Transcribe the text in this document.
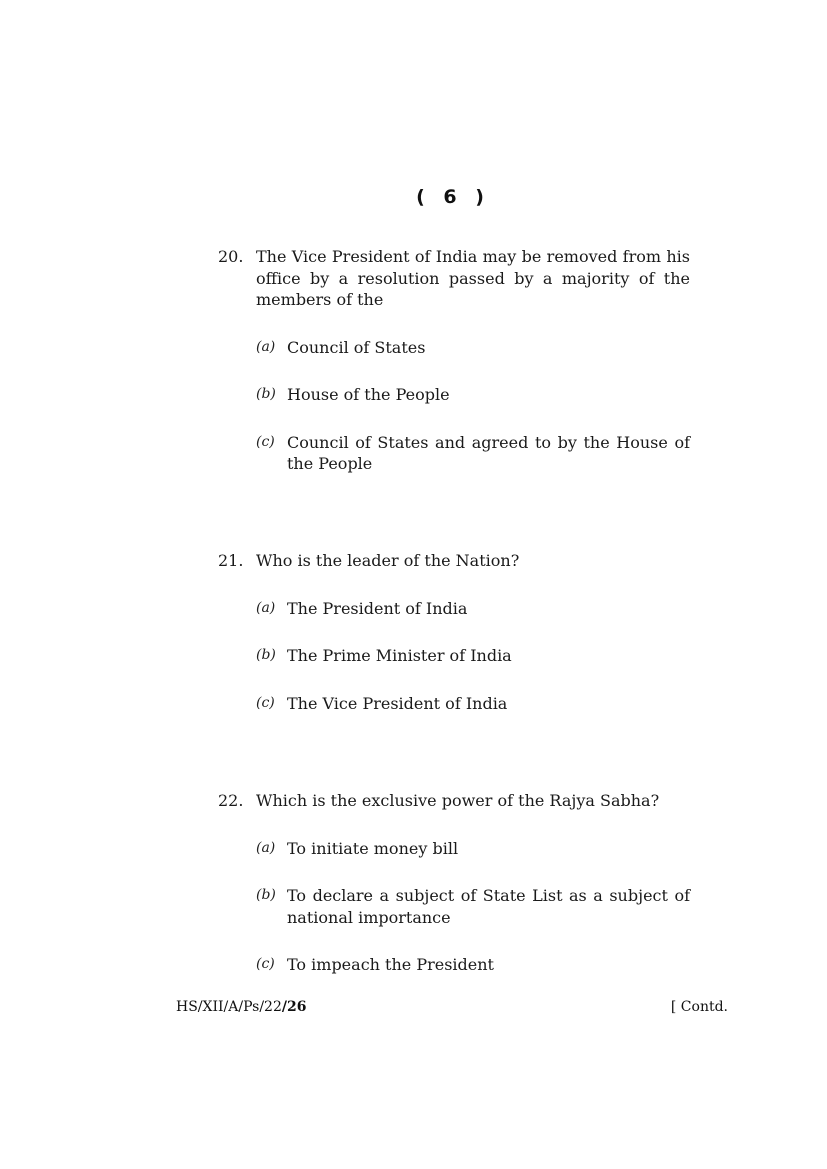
( 6 )
20. The Vice President of India may be removed from his office by a resolution passed by a majority of the members of the
(a) Council of States
(b) House of the People
(c) Council of States and agreed to by the House of the People
21. Who is the leader of the Nation?
(a) The President of India
(b) The Prime Minister of India
(c) The Vice President of India
22. Which is the exclusive power of the Rajya Sabha?
(a) To initiate money bill
(b) To declare a subject of State List as a subject of national importance
(c) To impeach the President
HS/XII/A/Ps/22/26	[ Contd.
